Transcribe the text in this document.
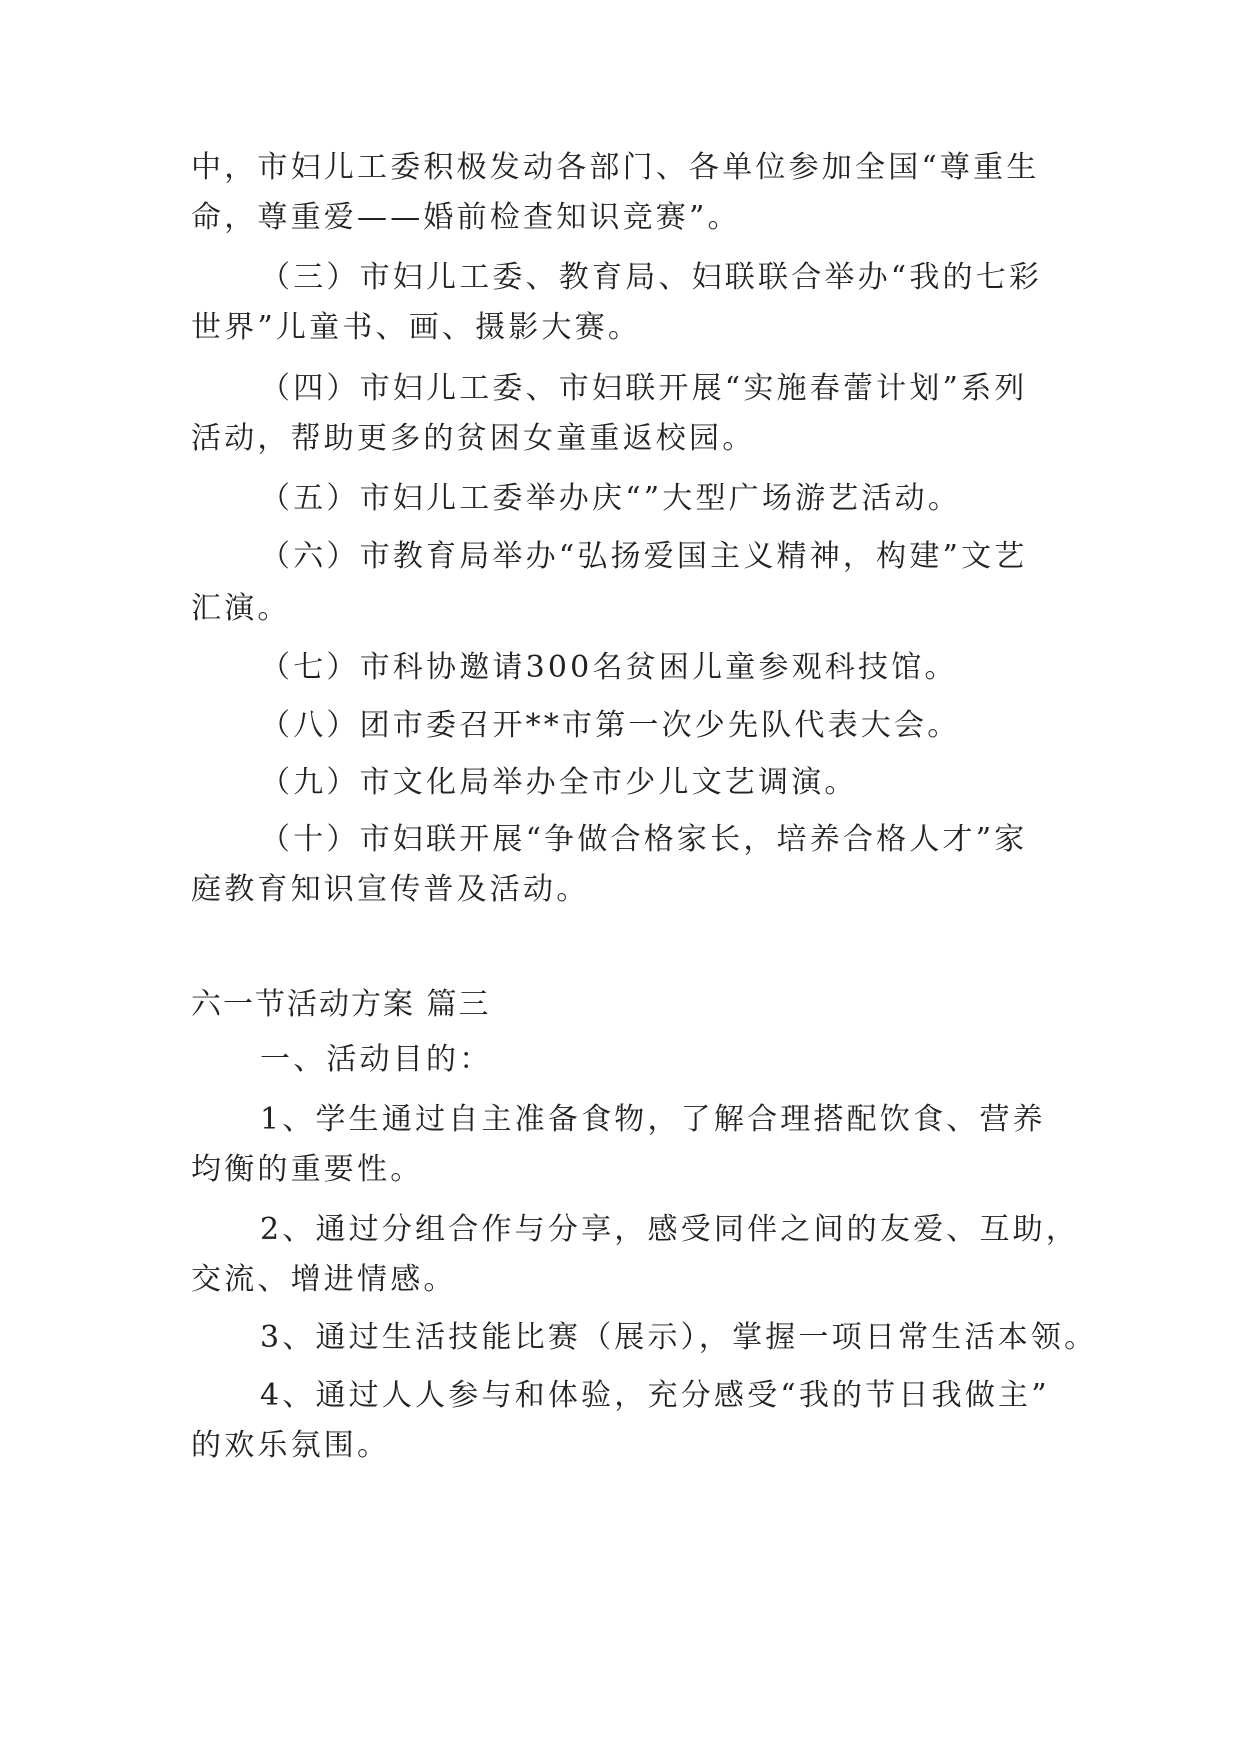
中，市妇儿工委积极发动各部门、各单位参加全国“尊重生
命，尊重爱——婚前检查知识竞赛”。
（三）市妇儿工委、教育局、妇联联合举办“我的七彩
世界”儿童书、画、摄影大赛。
（四）市妇儿工委、市妇联开展“实施春蕾计划”系列
活动，帮助更多的贫困女童重返校园。
（五）市妇儿工委举办庆“”大型广场游艺活动。
（六）市教育局举办“弘扬爱国主义精神，构建”文艺
汇演。
（七）市科协邀请300名贫困儿童参观科技馆。
（八）团市委召开**市第一次少先队代表大会。
（九）市文化局举办全市少儿文艺调演。
（十）市妇联开展“争做合格家长，培养合格人才”家
庭教育知识宣传普及活动。
六一节活动方案 篇三
一、活动目的：
1、学生通过自主准备食物，了解合理搭配饮食、营养
均衡的重要性。
2、通过分组合作与分享，感受同伴之间的友爱、互助，
交流、增进情感。
3、通过生活技能比赛（展示），掌握一项日常生活本领。
4、通过人人参与和体验，充分感受“我的节日我做主”
的欢乐氛围。
